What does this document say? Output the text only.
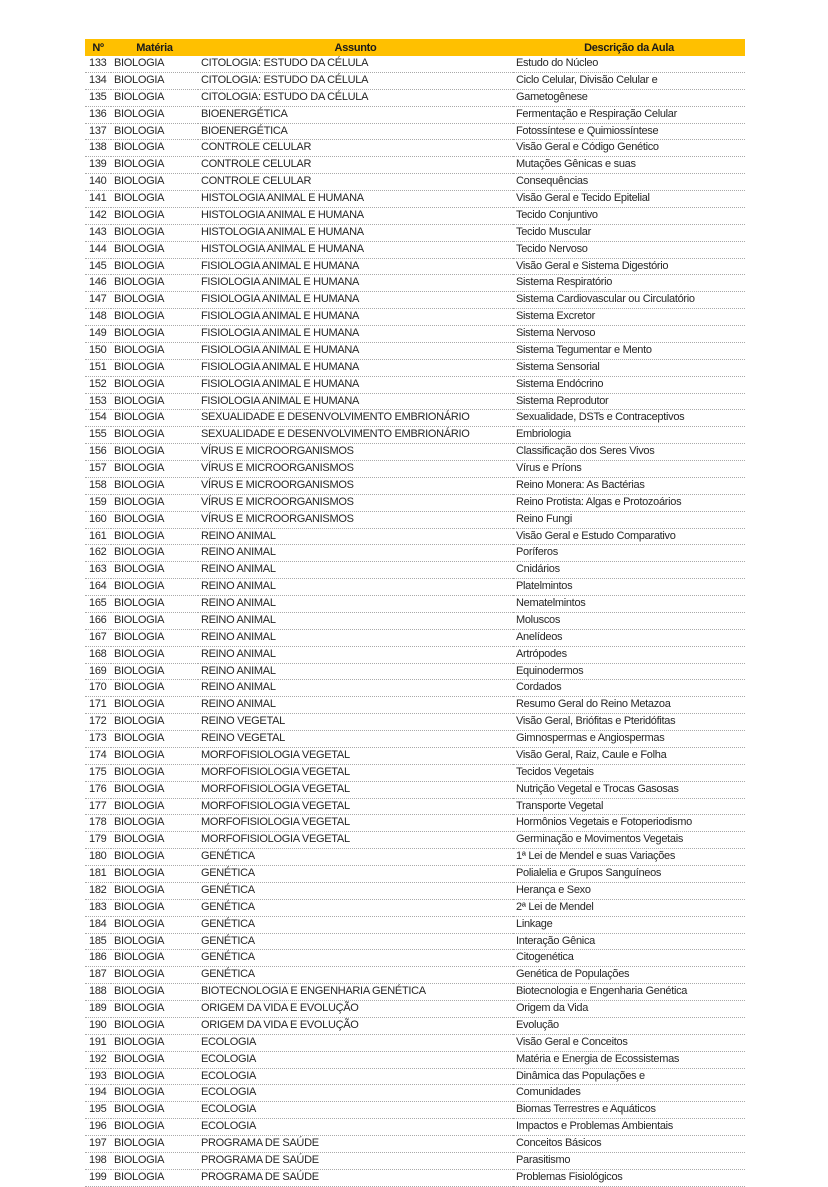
Nº	Matéria	Assunto	Descrição da Aula
133	BIOLOGIA	CITOLOGIA: ESTUDO DA CÉLULA	Estudo do Núcleo
134	BIOLOGIA	CITOLOGIA: ESTUDO DA CÉLULA	Ciclo Celular, Divisão Celular e
135	BIOLOGIA	CITOLOGIA: ESTUDO DA CÉLULA	Gametogênese
136	BIOLOGIA	BIOENERGÉTICA	Fermentação e Respiração Celular
137	BIOLOGIA	BIOENERGÉTICA	Fotossíntese e Quimiossíntese
138	BIOLOGIA	CONTROLE CELULAR	Visão Geral e Código Genético
139	BIOLOGIA	CONTROLE CELULAR	Mutações Gênicas e suas
140	BIOLOGIA	CONTROLE CELULAR	Consequências
141	BIOLOGIA	HISTOLOGIA ANIMAL E HUMANA	Visão Geral e Tecido Epitelial
142	BIOLOGIA	HISTOLOGIA ANIMAL E HUMANA	Tecido Conjuntivo
143	BIOLOGIA	HISTOLOGIA ANIMAL E HUMANA	Tecido Muscular
144	BIOLOGIA	HISTOLOGIA ANIMAL E HUMANA	Tecido Nervoso
145	BIOLOGIA	FISIOLOGIA ANIMAL E HUMANA	Visão Geral e Sistema Digestório
146	BIOLOGIA	FISIOLOGIA ANIMAL E HUMANA	Sistema Respiratório
147	BIOLOGIA	FISIOLOGIA ANIMAL E HUMANA	Sistema Cardiovascular ou Circulatório
148	BIOLOGIA	FISIOLOGIA ANIMAL E HUMANA	Sistema Excretor
149	BIOLOGIA	FISIOLOGIA ANIMAL E HUMANA	Sistema Nervoso
150	BIOLOGIA	FISIOLOGIA ANIMAL E HUMANA	Sistema Tegumentar e Mento
151	BIOLOGIA	FISIOLOGIA ANIMAL E HUMANA	Sistema Sensorial
152	BIOLOGIA	FISIOLOGIA ANIMAL E HUMANA	Sistema Endócrino
153	BIOLOGIA	FISIOLOGIA ANIMAL E HUMANA	Sistema Reprodutor
154	BIOLOGIA	SEXUALIDADE E DESENVOLVIMENTO EMBRIONÁRIO	Sexualidade, DSTs e Contraceptivos
155	BIOLOGIA	SEXUALIDADE E DESENVOLVIMENTO EMBRIONÁRIO	Embriologia
156	BIOLOGIA	VÍRUS E MICROORGANISMOS	Classificação dos Seres Vivos
157	BIOLOGIA	VÍRUS E MICROORGANISMOS	Vírus e Príons
158	BIOLOGIA	VÍRUS E MICROORGANISMOS	Reino Monera: As Bactérias
159	BIOLOGIA	VÍRUS E MICROORGANISMOS	Reino Protista: Algas e Protozoários
160	BIOLOGIA	VÍRUS E MICROORGANISMOS	Reino Fungi
161	BIOLOGIA	REINO ANIMAL	Visão Geral e Estudo Comparativo
162	BIOLOGIA	REINO ANIMAL	Poríferos
163	BIOLOGIA	REINO ANIMAL	Cnidários
164	BIOLOGIA	REINO ANIMAL	Platelmintos
165	BIOLOGIA	REINO ANIMAL	Nematelmintos
166	BIOLOGIA	REINO ANIMAL	Moluscos
167	BIOLOGIA	REINO ANIMAL	Anelídeos
168	BIOLOGIA	REINO ANIMAL	Artrópodes
169	BIOLOGIA	REINO ANIMAL	Equinodermos
170	BIOLOGIA	REINO ANIMAL	Cordados
171	BIOLOGIA	REINO ANIMAL	Resumo Geral do Reino Metazoa
172	BIOLOGIA	REINO VEGETAL	Visão Geral, Briófitas e Pteridófitas
173	BIOLOGIA	REINO VEGETAL	Gimnospermas e Angiospermas
174	BIOLOGIA	MORFOFISIOLOGIA VEGETAL	Visão Geral, Raiz, Caule e Folha
175	BIOLOGIA	MORFOFISIOLOGIA VEGETAL	Tecidos Vegetais
176	BIOLOGIA	MORFOFISIOLOGIA VEGETAL	Nutrição Vegetal e Trocas Gasosas
177	BIOLOGIA	MORFOFISIOLOGIA VEGETAL	Transporte Vegetal
178	BIOLOGIA	MORFOFISIOLOGIA VEGETAL	Hormônios Vegetais e Fotoperiodismo
179	BIOLOGIA	MORFOFISIOLOGIA VEGETAL	Germinação e Movimentos Vegetais
180	BIOLOGIA	GENÉTICA	1ª Lei de Mendel e suas Variações
181	BIOLOGIA	GENÉTICA	Polialelia e Grupos Sanguíneos
182	BIOLOGIA	GENÉTICA	Herança e Sexo
183	BIOLOGIA	GENÉTICA	2ª Lei de Mendel
184	BIOLOGIA	GENÉTICA	Linkage
185	BIOLOGIA	GENÉTICA	Interação Gênica
186	BIOLOGIA	GENÉTICA	Citogenética
187	BIOLOGIA	GENÉTICA	Genética de Populações
188	BIOLOGIA	BIOTECNOLOGIA E ENGENHARIA GENÉTICA	Biotecnologia e Engenharia Genética
189	BIOLOGIA	ORIGEM DA VIDA E EVOLUÇÃO	Origem da Vida
190	BIOLOGIA	ORIGEM DA VIDA E EVOLUÇÃO	Evolução
191	BIOLOGIA	ECOLOGIA	Visão Geral e Conceitos
192	BIOLOGIA	ECOLOGIA	Matéria e Energia de Ecossistemas
193	BIOLOGIA	ECOLOGIA	Dinâmica das Populações e
194	BIOLOGIA	ECOLOGIA	Comunidades
195	BIOLOGIA	ECOLOGIA	Biomas Terrestres e Aquáticos
196	BIOLOGIA	ECOLOGIA	Impactos e Problemas Ambientais
197	BIOLOGIA	PROGRAMA DE SAÚDE	Conceitos Básicos
198	BIOLOGIA	PROGRAMA DE SAÚDE	Parasitismo
199	BIOLOGIA	PROGRAMA DE SAÚDE	Problemas Fisiológicos
